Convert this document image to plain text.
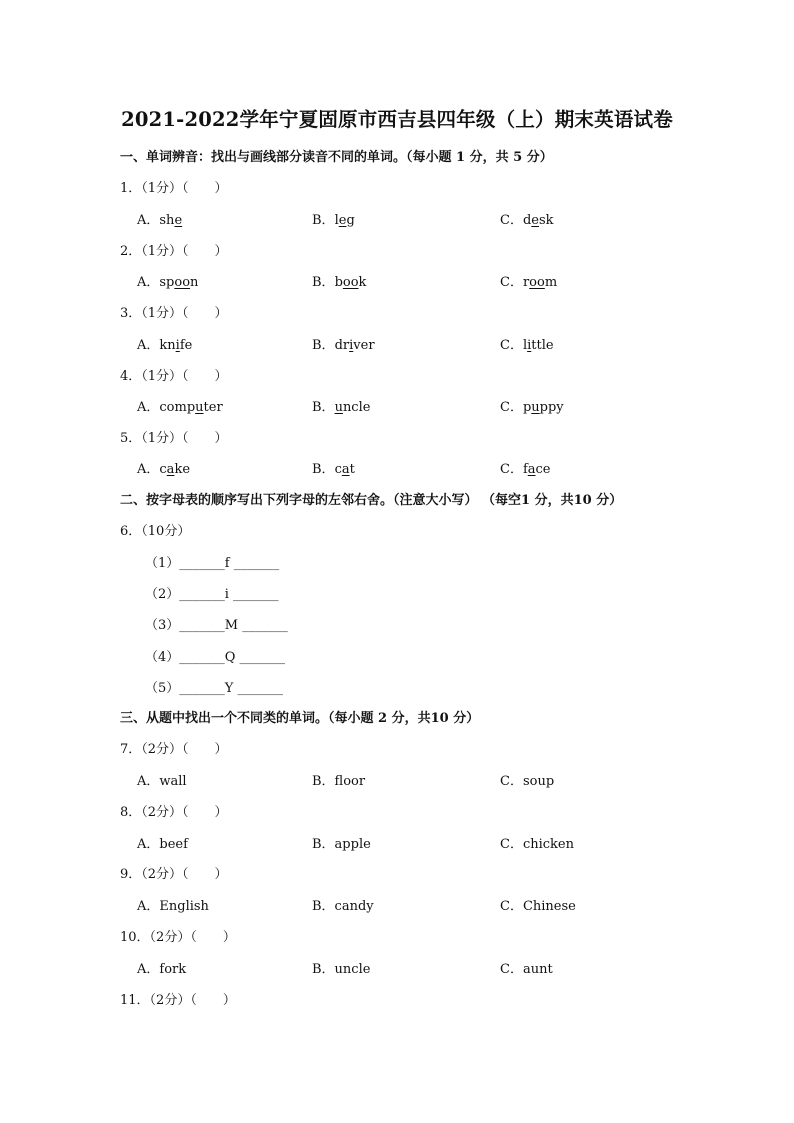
2021-2022学年宁夏固原市西吉县四年级（上）期末英语试卷
一、单词辨音：找出与画线部分读音不同的单词。（每小题 1 分，共 5 分）
1．（1分）（　　）
A．she	B．leg	C．desk
2．（1分）（　　）
A．spoon	B．book	C．room
3．（1分）（　　）
A．knife	B．driver	C．little
4．（1分）（　　）
A．computer	B．uncle	C．puppy
5．（1分）（　　）
A．cake	B．cat	C．face
二、按字母表的顺序写出下列字母的左邻右舍。（注意大小写） （每空1 分，共10 分）
6．（10分）
（1）_______f _______
（2）_______i _______
（3）_______M _______
（4）_______Q _______
（5）_______Y _______
三、从题中找出一个不同类的单词。（每小题 2 分，共10 分）
7．（2分）（　　）
A．wall	B．floor	C．soup
8．（2分）（　　）
A．beef	B．apple	C．chicken
9．（2分）（　　）
A．English	B．candy	C．Chinese
10．（2分）（　　）
A．fork	B．uncle	C．aunt
11．（2分）（　　）
